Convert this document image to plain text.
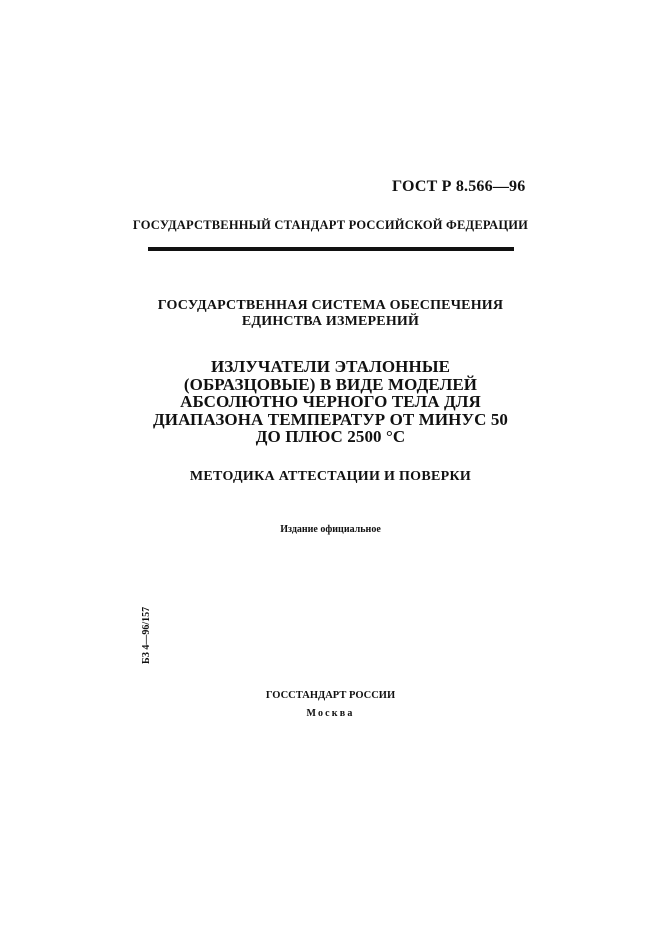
ГОСТ Р 8.566—96
ГОСУДАРСТВЕННЫЙ СТАНДАРТ РОССИЙСКОЙ ФЕДЕРАЦИИ
ГОСУДАРСТВЕННАЯ СИСТЕМА ОБЕСПЕЧЕНИЯ
ЕДИНСТВА ИЗМЕРЕНИЙ
ИЗЛУЧАТЕЛИ ЭТАЛОННЫЕ
(ОБРАЗЦОВЫЕ) В ВИДЕ МОДЕЛЕЙ
АБСОЛЮТНО ЧЕРНОГО ТЕЛА ДЛЯ
ДИАПАЗОНА ТЕМПЕРАТУР ОТ МИНУС 50
ДО ПЛЮС 2500 °С
МЕТОДИКА АТТЕСТАЦИИ И ПОВЕРКИ
Издание официальное
БЗ 4—96/157
ГОССТАНДАРТ РОССИИ
Москва
